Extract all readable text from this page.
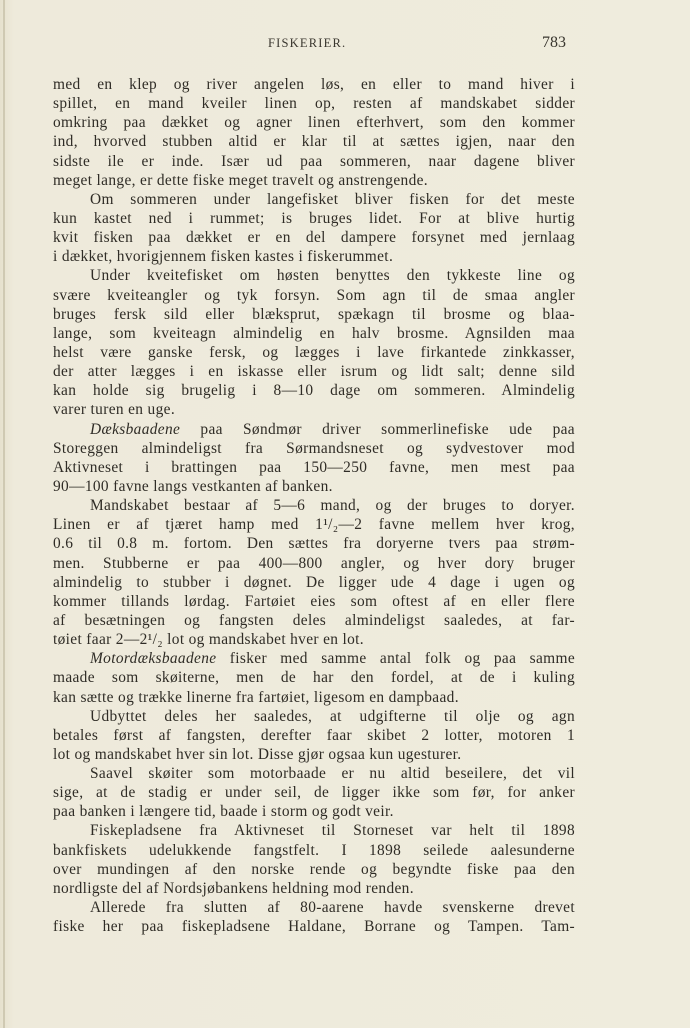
FISKERIER.	783
med en klep og river angelen løs, en eller to mand hiver i
spillet, en mand kveiler linen op, resten af mandskabet sidder
omkring paa dækket og agner linen efterhvert, som den kommer
ind, hvorved stubben altid er klar til at sættes igjen, naar den
sidste ile er inde. Især ud paa sommeren, naar dagene bliver
meget lange, er dette fiske meget travelt og anstrengende.
Om sommeren under langefisket bliver fisken for det meste
kun kastet ned i rummet; is bruges lidet. For at blive hurtig
kvit fisken paa dækket er en del dampere forsynet med jernlaag
i dækket, hvorigjennem fisken kastes i fiskerummet.
Under kveitefisket om høsten benyttes den tykkeste line og
svære kveiteangler og tyk forsyn. Som agn til de smaa angler
bruges fersk sild eller blæksprut, spækagn til brosme og blaa-
lange, som kveiteagn almindelig en halv brosme. Agnsilden maa
helst være ganske fersk, og lægges i lave firkantede zinkkasser,
der atter lægges i en iskasse eller isrum og lidt salt; denne sild
kan holde sig brugelig i 8—10 dage om sommeren. Almindelig
varer turen en uge.
Dæksbaadene paa Søndmør driver sommerlinefiske ude paa
Storeggen almindeligst fra Sørmandsneset og sydvestover mod
Aktivneset i brattingen paa 150—250 favne, men mest paa
90—100 favne langs vestkanten af banken.
Mandskabet bestaar af 5—6 mand, og der bruges to doryer.
Linen er af tjæret hamp med 1¹/₂—2 favne mellem hver krog,
0.6 til 0.8 m. fortom. Den sættes fra doryerne tvers paa strøm-
men. Stubberne er paa 400—800 angler, og hver dory bruger
almindelig to stubber i døgnet. De ligger ude 4 dage i ugen og
kommer tillands lørdag. Fartøiet eies som oftest af en eller flere
af besætningen og fangsten deles almindeligst saaledes, at far-
tøiet faar 2—2¹/₂ lot og mandskabet hver en lot.
Motordæksbaadene fisker med samme antal folk og paa samme
maade som skøiterne, men de har den fordel, at de i kuling
kan sætte og trække linerne fra fartøiet, ligesom en dampbaad.
Udbyttet deles her saaledes, at udgifterne til olje og agn
betales først af fangsten, derefter faar skibet 2 lotter, motoren 1
lot og mandskabet hver sin lot. Disse gjør ogsaa kun ugesturer.
Saavel skøiter som motorbaade er nu altid beseilere, det vil
sige, at de stadig er under seil, de ligger ikke som før, for anker
paa banken i længere tid, baade i storm og godt veir.
Fiskepladsene fra Aktivneset til Storneset var helt til 1898
bankfiskets udelukkende fangstfelt. I 1898 seilede aalesunderne
over mundingen af den norske rende og begyndte fiske paa den
nordligste del af Nordsjøbankens heldning mod renden.
Allerede fra slutten af 80-aarene havde svenskerne drevet
fiske her paa fiskepladsene Haldane, Borrane og Tampen. Tam-
